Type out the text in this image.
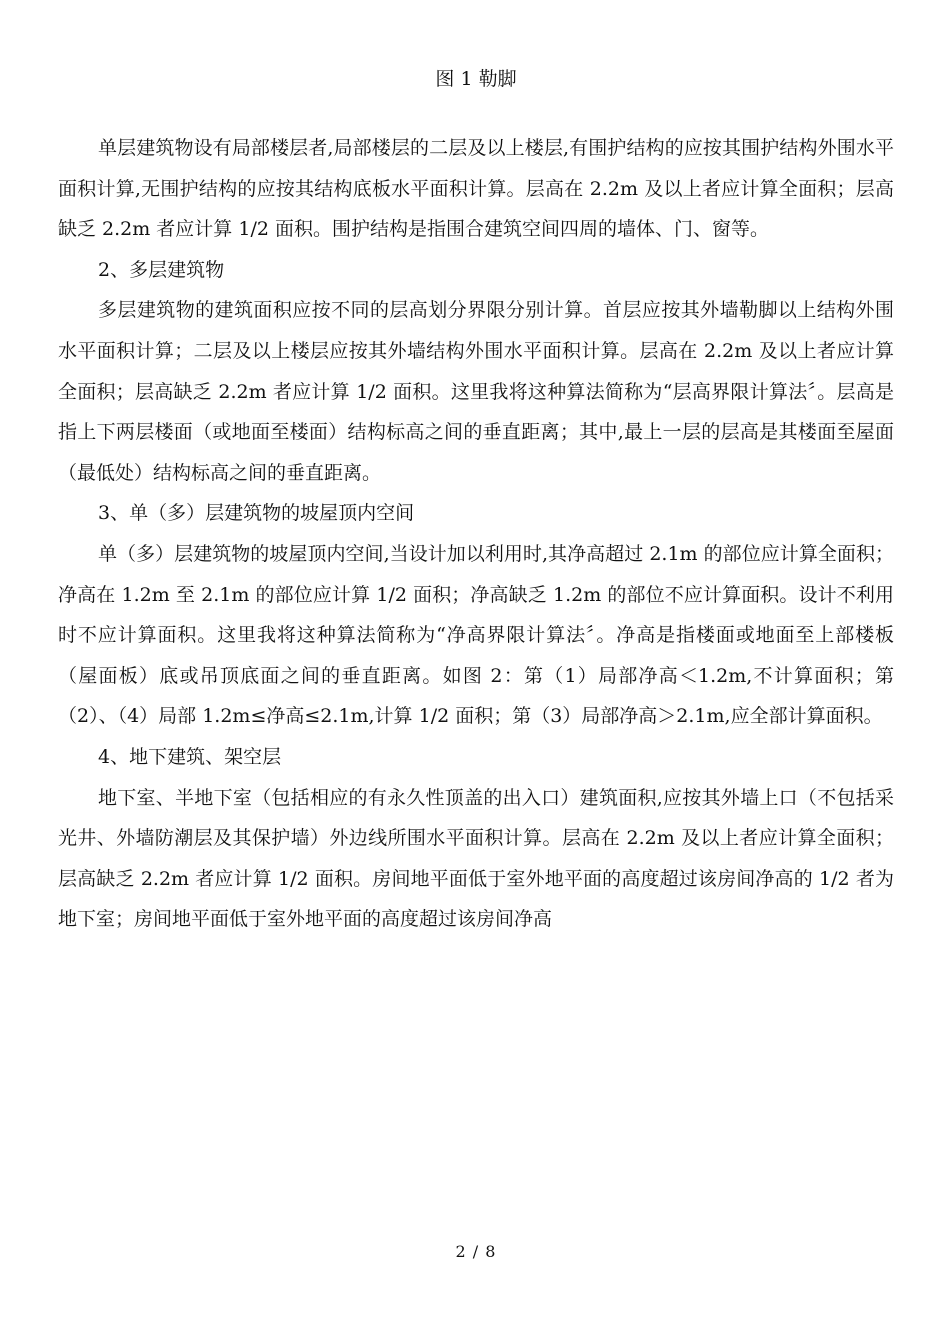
图 1 勒脚

单层建筑物设有局部楼层者,局部楼层的二层及以上楼层,有围护结构的应按其围护结构外围水平面积计算,无围护结构的应按其结构底板水平面积计算。层高在 2.2m 及以上者应计算全面积；层高缺乏 2.2m 者应计算 1/2 面积。围护结构是指围合建筑空间四周的墙体、门、窗等。

2、多层建筑物

多层建筑物的建筑面积应按不同的层高划分界限分别计算。首层应按其外墙勒脚以上结构外围水平面积计算；二层及以上楼层应按其外墙结构外围水平面积计算。层高在 2.2m 及以上者应计算全面积；层高缺乏 2.2m 者应计算 1/2 面积。这里我将这种算法简称为“层高界限计算法〞。层高是指上下两层楼面（或地面至楼面）结构标高之间的垂直距离；其中,最上一层的层高是其楼面至屋面（最低处）结构标高之间的垂直距离。

3、单（多）层建筑物的坡屋顶内空间

单（多）层建筑物的坡屋顶内空间,当设计加以利用时,其净高超过 2.1m 的部位应计算全面积；净高在 1.2m 至 2.1m 的部位应计算 1/2 面积；净高缺乏 1.2m 的部位不应计算面积。设计不利用时不应计算面积。这里我将这种算法简称为“净高界限计算法〞。净高是指楼面或地面至上部楼板（屋面板）底或吊顶底面之间的垂直距离。如图 2：第（1）局部净高＜1.2m,不计算面积；第（2）、（4）局部 1.2m≤净高≤2.1m,计算 1/2 面积；第（3）局部净高＞2.1m,应全部计算面积。

4、地下建筑、架空层

地下室、半地下室（包括相应的有永久性顶盖的出入口）建筑面积,应按其外墙上口（不包括采光井、外墙防潮层及其保护墙）外边线所围水平面积计算。层高在 2.2m 及以上者应计算全面积；层高缺乏 2.2m 者应计算 1/2 面积。房间地平面低于室外地平面的高度超过该房间净高的 1/2 者为地下室；房间地平面低于室外地平面的高度超过该房间净高

2 / 8
